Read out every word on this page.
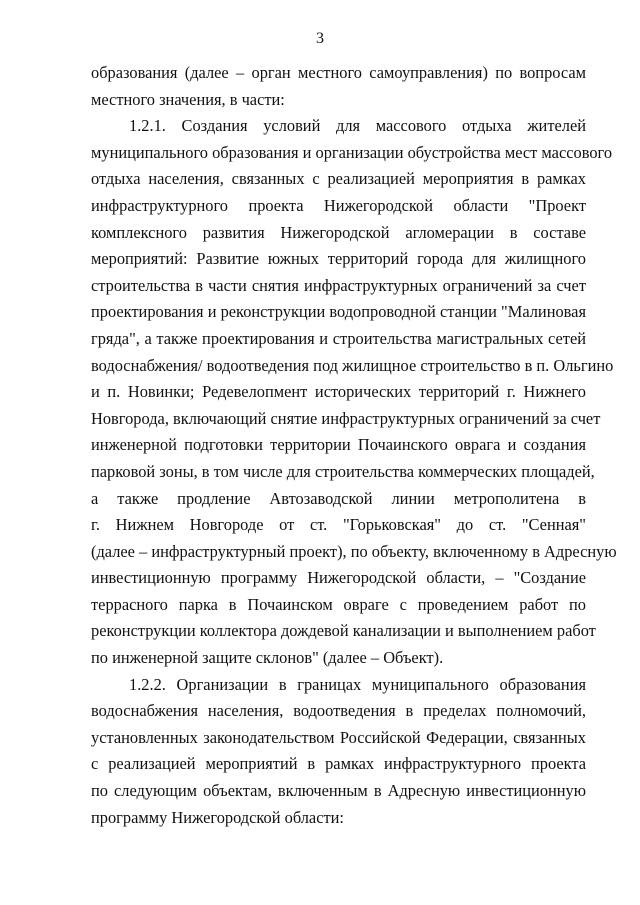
3
образования (далее – орган местного самоуправления) по вопросам
местного значения, в части:
1.2.1. Создания условий для массового отдыха жителей
муниципального образования и организации обустройства мест массового
отдыха населения, связанных с реализацией мероприятия в рамках
инфраструктурного проекта Нижегородской области "Проект
комплексного развития Нижегородской агломерации в составе
мероприятий: Развитие южных территорий города для жилищного
строительства в части снятия инфраструктурных ограничений за счет
проектирования и реконструкции водопроводной станции "Малиновая
гряда", а также проектирования и строительства магистральных сетей
водоснабжения/ водоотведения под жилищное строительство в п. Ольгино
и п. Новинки; Редевелопмент исторических территорий г. Нижнего
Новгорода, включающий снятие инфраструктурных ограничений за счет
инженерной подготовки территории Почаинского оврага и создания
парковой зоны, в том числе для строительства коммерческих площадей,
а также продление Автозаводской линии метрополитена в
г. Нижнем Новгороде от ст. "Горьковская" до ст. "Сенная"
(далее – инфраструктурный проект), по объекту, включенному в Адресную
инвестиционную программу Нижегородской области, – "Создание
террасного парка в Почаинском овраге с проведением работ по
реконструкции коллектора дождевой канализации и выполнением работ
по инженерной защите склонов" (далее – Объект).
1.2.2. Организации в границах муниципального образования
водоснабжения населения, водоотведения в пределах полномочий,
установленных законодательством Российской Федерации, связанных
с реализацией мероприятий в рамках инфраструктурного проекта
по следующим объектам, включенным в Адресную инвестиционную
программу Нижегородской области:
